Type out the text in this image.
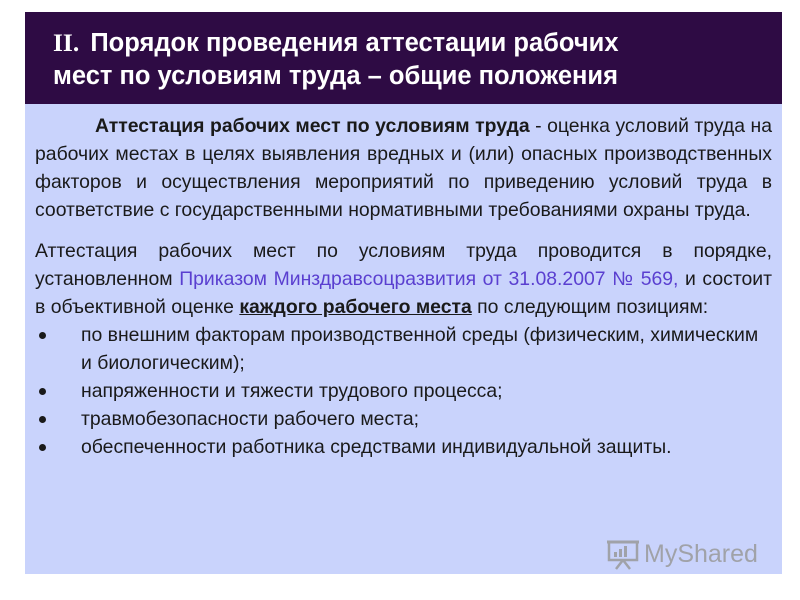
II. Порядок проведения аттестации рабочих
мест по условиям труда – общие положения

Аттестация рабочих мест по условиям труда - оценка условий труда на рабочих местах в целях выявления вредных и (или) опасных производственных факторов и осуществления мероприятий по приведению условий труда в соответствие с государственными нормативными требованиями охраны труда.

Аттестация рабочих мест по условиям труда проводится в порядке, установленном Приказом Минздравсоцразвития от 31.08.2007 № 569, и состоит в объективной оценке каждого рабочего места по следующим позициям:

по внешним факторам производственной среды (физическим, химическим и биологическим);
напряженности и тяжести трудового процесса;
травмобезопасности рабочего места;
обеспеченности работника средствами индивидуальной защиты.
MyShared
